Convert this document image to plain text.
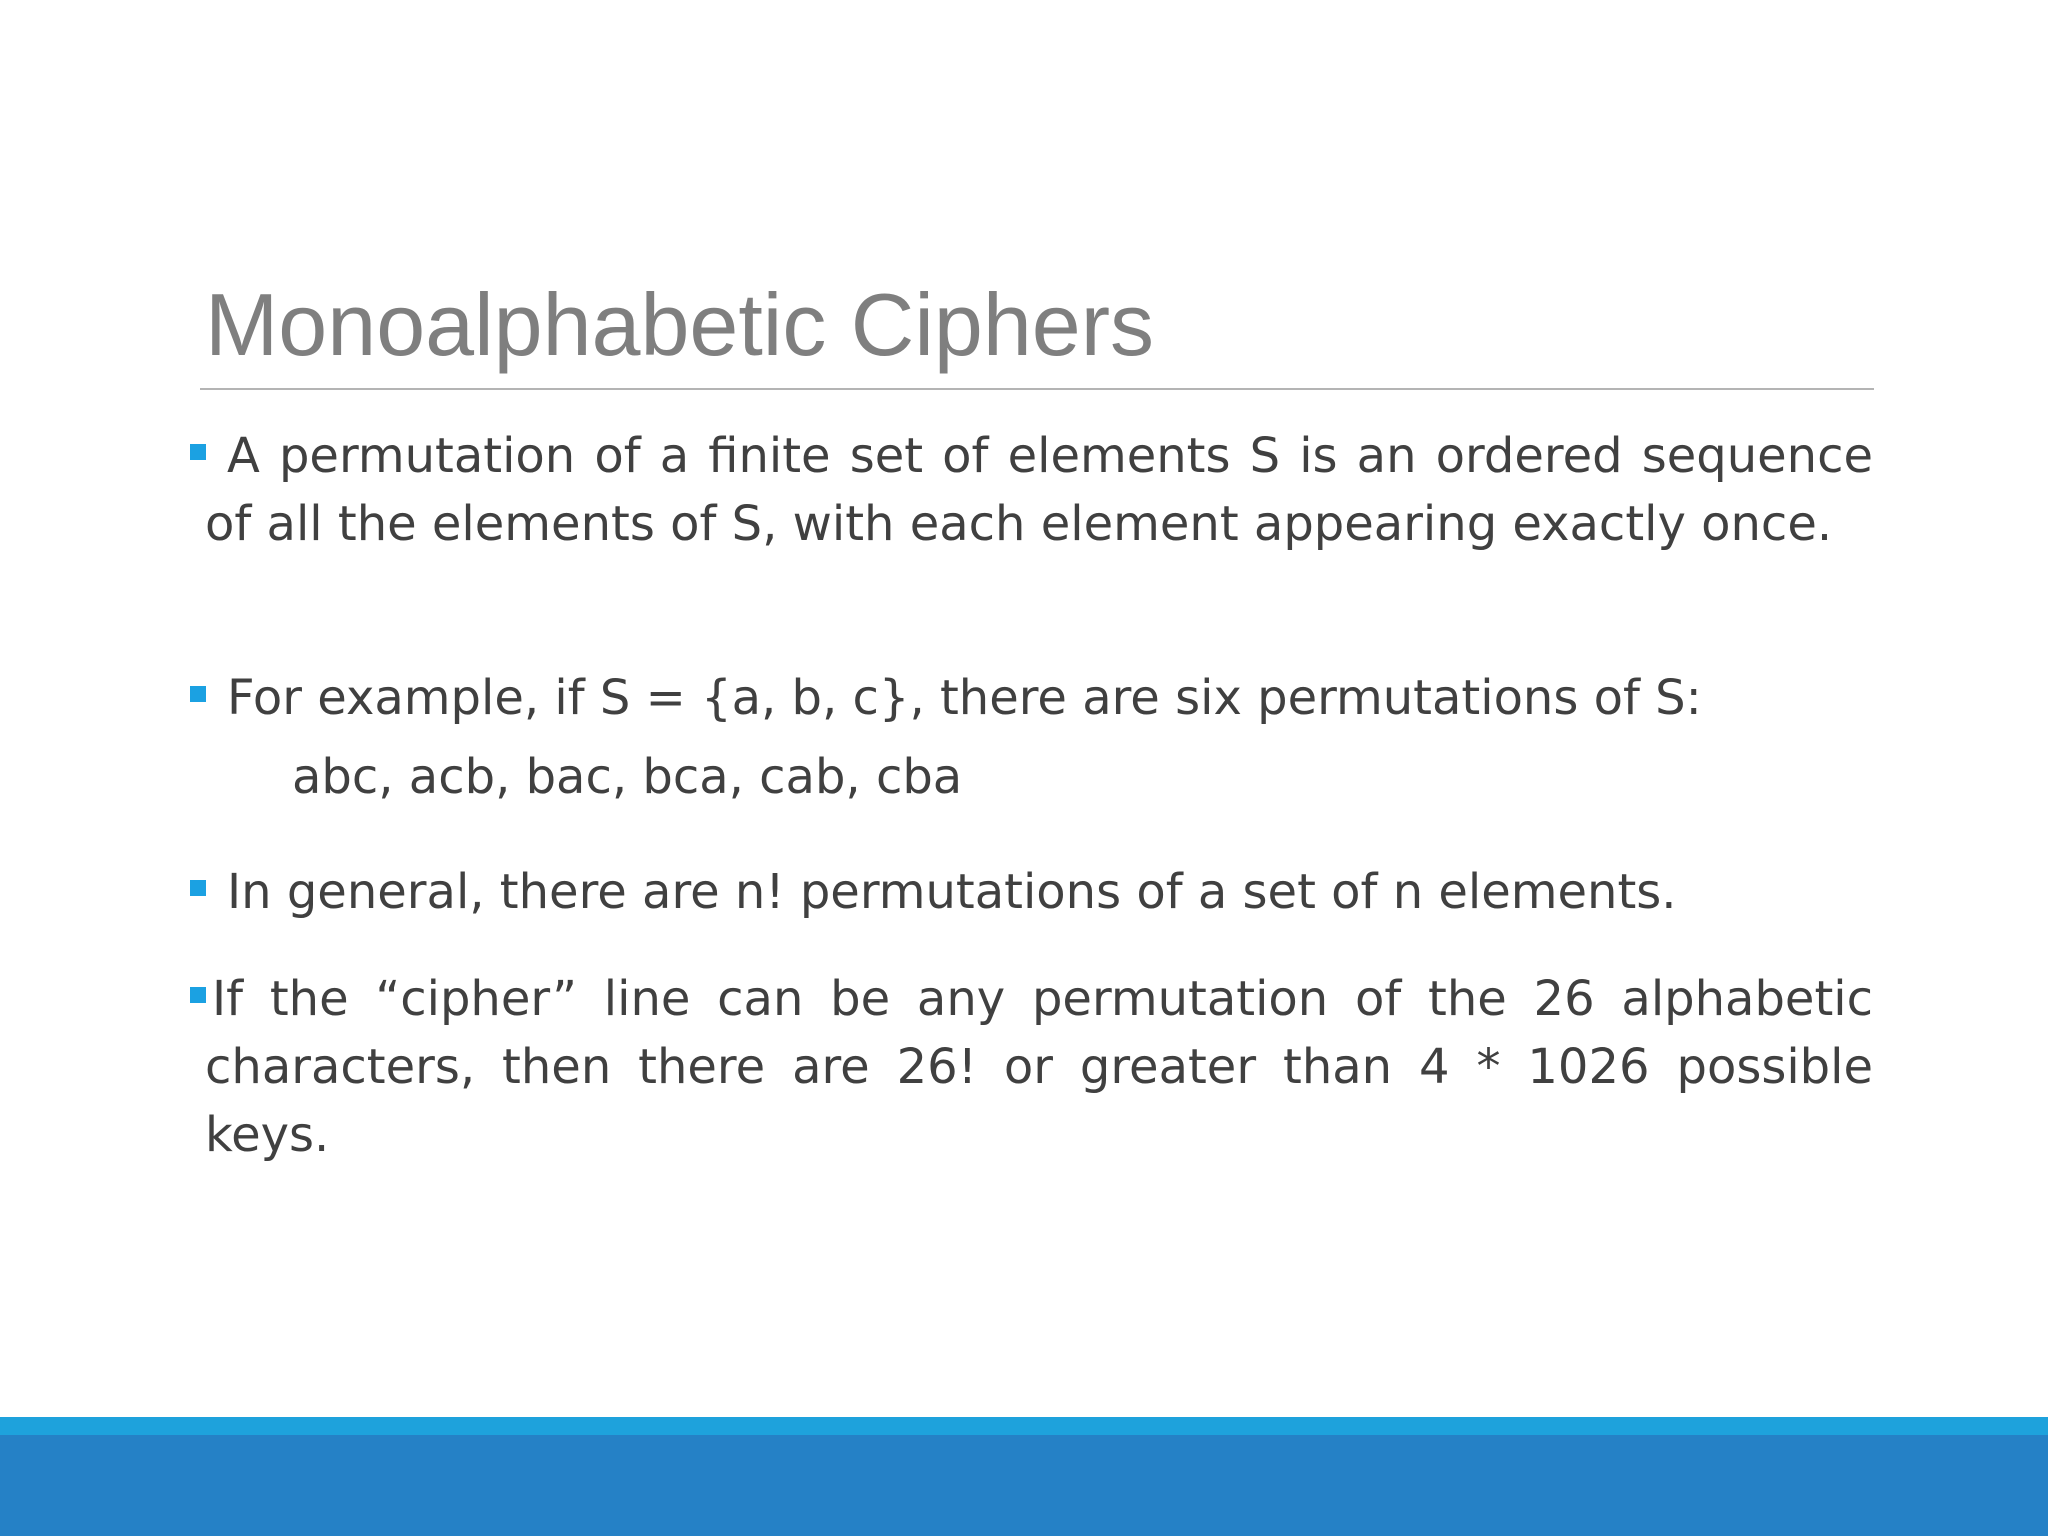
Monoalphabetic Ciphers
A permutation of a finite set of elements S is an ordered sequence of all the elements of S, with each element appearing exactly once.
For example, if S = {a, b, c}, there are six permutations of S:
abc, acb, bac, bca, cab, cba
In general, there are n! permutations of a set of n elements.
If the “cipher” line can be any permutation of the 26 alphabetic characters, then there are 26! or greater than 4 * 1026 possible keys.
